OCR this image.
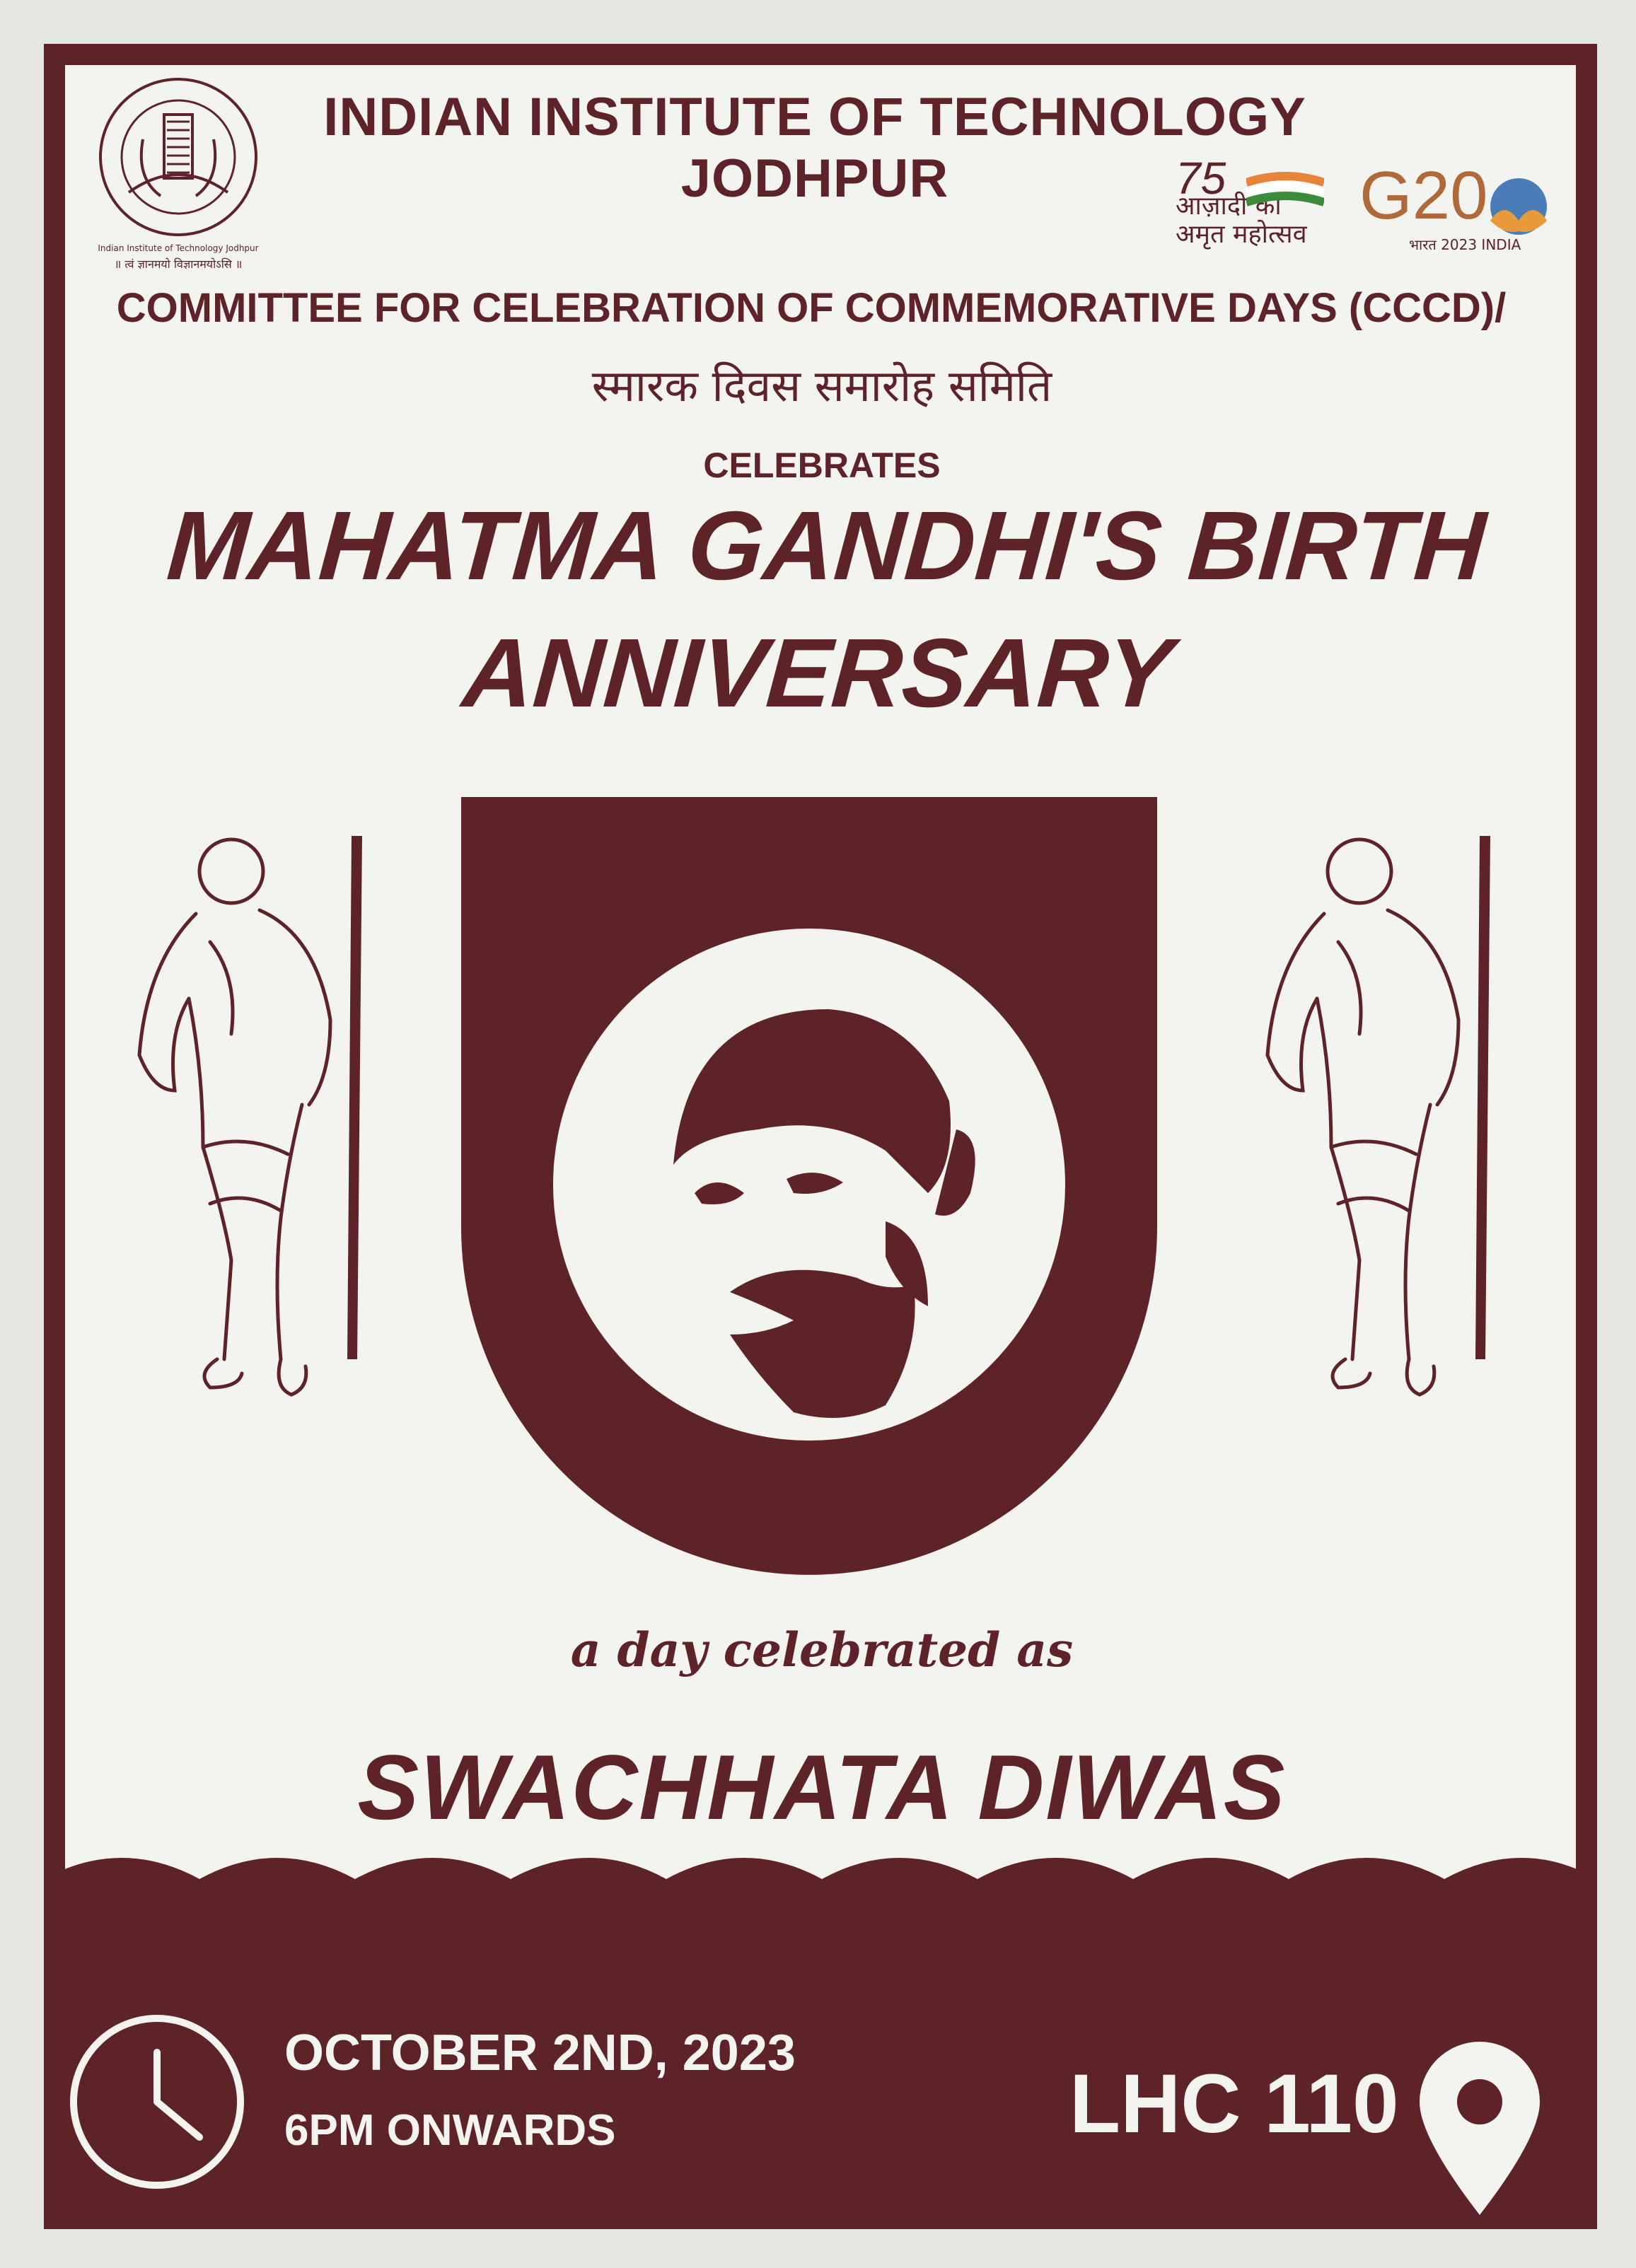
॥ त्वं ज्ञानमयो विज्ञानमयोऽसि ॥
Indian Institute of Technology Jodhpur
INDIAN INSTITUTE OF TECHNOLOGY JODHPUR	75
आज़ादी का
अमृत महोत्सव
G20
भारत 2023 INDIA
COMMITTEE FOR CELEBRATION OF COMMEMORATIVE DAYS (CCCD)/
स्मारक दिवस समारोह समिति
CELEBRATES
MAHATMA GANDHI'S BIRTH
ANNIVERSARY
a day celebrated as
SWACHHATA DIWAS
OCTOBER 2ND, 2023
6PM ONWARDS	LHC 110
